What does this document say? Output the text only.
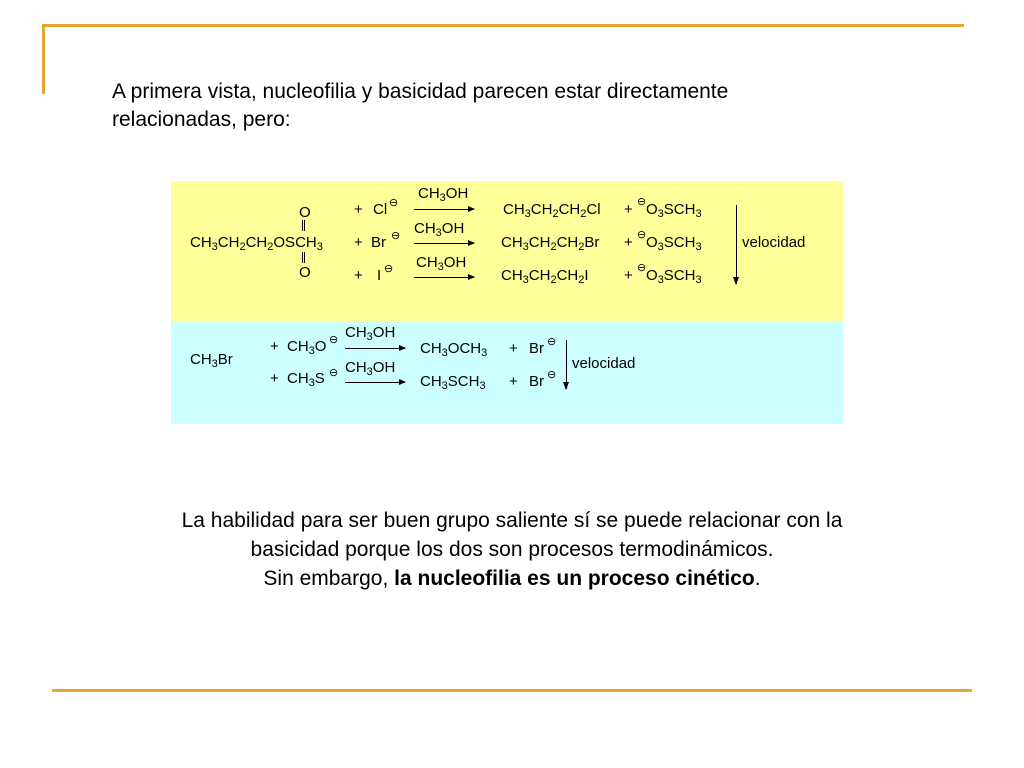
A primera vista, nucleofilia y basicidad parecen estar directamente
relacionadas, pero:
O
$CH_3CH_2CH_2OSCH_3$
O
+ Cl ⊖
$CH_3OH$
$CH_3CH_2CH_2Cl$ + ⊖ $O_3SCH_3$
+ Br ⊖ $CH_3OH$
$CH_3CH_2CH_2Br$ + ⊖ $O_3SCH_3$
+ I ⊖ $CH_3OH$
$CH_3CH_2CH_2I$ + ⊖ $O_3SCH_3$
velocidad
$CH_3Br$
+ $CH_3O$ ⊖ $CH_3OH$
→ $CH_3OCH_3 + Br$ ⊖
+ $CH_3S$ ⊖ $CH_3OH$
→ $CH_3SCH_3 + Br$ ⊖
velocidad
La habilidad para ser buen grupo saliente sí se puede relacionar con la
basicidad porque los dos son procesos termodinámicos.
Sin embargo, la nucleofilia es un proceso cinético.
